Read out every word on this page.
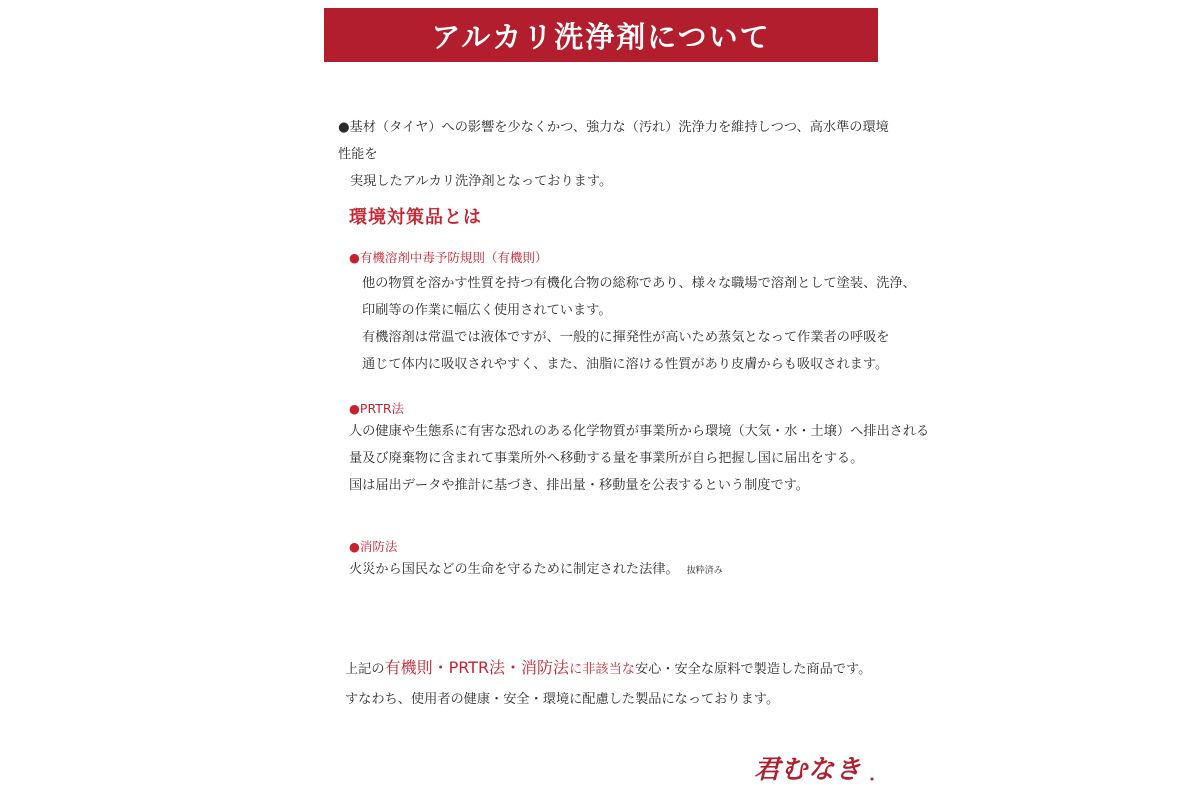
アルカリ洗浄剤について
●基材（タイヤ）への影響を少なくかつ、強力な（汚れ）洗浄力を維持しつつ、高水準の環境性能を
実現したアルカリ洗浄剤となっております。
環境対策品とは
●有機溶剤中毒予防規則（有機則）
他の物質を溶かす性質を持つ有機化合物の総称であり、様々な職場で溶剤として塗装、洗浄、
印刷等の作業に幅広く使用されています。
有機溶剤は常温では液体ですが、一般的に揮発性が高いため蒸気となって作業者の呼吸を
通じて体内に吸収されやすく、また、油脂に溶ける性質があり皮膚からも吸収されます。
●PRTR法
人の健康や生態系に有害な恐れのある化学物質が事業所から環境（大気・水・土壌）へ排出される
量及び廃棄物に含まれて事業所外へ移動する量を事業所が自ら把握し国に届出をする。
国は届出データや推計に基づき、排出量・移動量を公表するという制度です。
●消防法
火災から国民などの生命を守るために制定された法律。 抜粋済み
上記の有機則・PRTR法・消防法に非該当な安心・安全な原料で製造した商品です。
すなわち、使用者の健康・安全・環境に配慮した製品になっております。
君むなき
